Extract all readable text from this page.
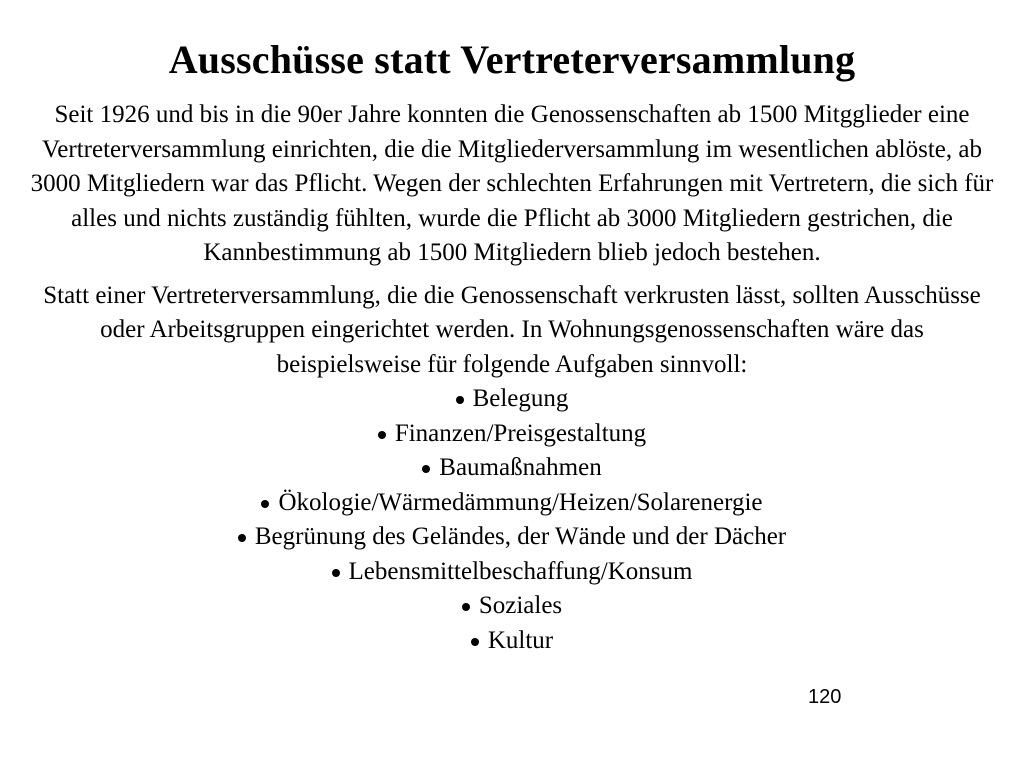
Ausschüsse statt Vertreterversammlung

Seit 1926 und bis in die 90er Jahre konnten die Genossenschaften ab 1500 Mitgglieder eine Vertreterversammlung einrichten, die die Mitgliederversammlung im wesentlichen ablöste, ab 3000 Mitgliedern war das Pflicht. Wegen der schlechten Erfahrungen mit Vertretern, die sich für alles und nichts zuständig fühlten, wurde die Pflicht ab 3000 Mitgliedern gestrichen, die Kannbestimmung ab 1500 Mitgliedern blieb jedoch bestehen.

Statt einer Vertreterversammlung, die die Genossenschaft verkrusten lässt, sollten Ausschüsse oder Arbeitsgruppen eingerichtet werden. In Wohnungsgenossenschaften wäre das beispielsweise für folgende Aufgaben sinnvoll:

Belegung
Finanzen/Preisgestaltung
Baumaßnahmen
Ökologie/Wärmedämmung/Heizen/Solarenergie
Begrünung des Geländes, der Wände und der Dächer
Lebensmittelbeschaffung/Konsum
Soziales
Kultur
120
